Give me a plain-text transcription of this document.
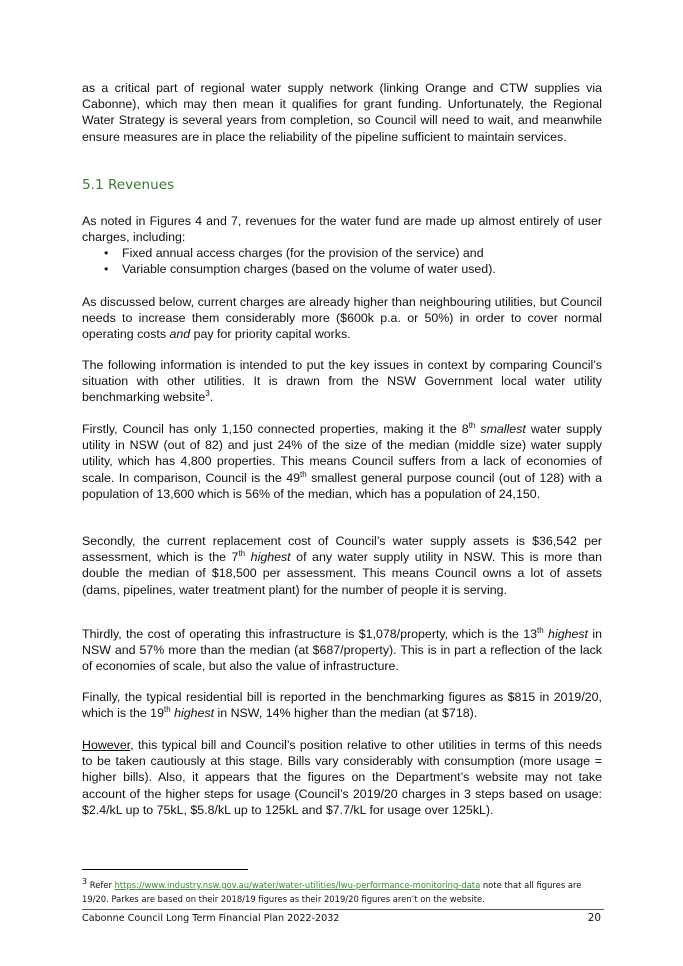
as a critical part of regional water supply network (linking Orange and CTW supplies via Cabonne), which may then mean it qualifies for grant funding. Unfortunately, the Regional Water Strategy is several years from completion, so Council will need to wait, and meanwhile ensure measures are in place the reliability of the pipeline sufficient to maintain services.

5.1 Revenues

As noted in Figures 4 and 7, revenues for the water fund are made up almost entirely of user charges, including:

• Fixed annual access charges (for the provision of the service) and
• Variable consumption charges (based on the volume of water used).

As discussed below, current charges are already higher than neighbouring utilities, but Council needs to increase them considerably more ($600k p.a. or 50%) in order to cover normal operating costs and pay for priority capital works.

The following information is intended to put the key issues in context by comparing Council’s situation with other utilities. It is drawn from the NSW Government local water utility benchmarking website$^3$.

Firstly, Council has only 1,150 connected properties, making it the 8th smallest water supply utility in NSW (out of 82) and just 24% of the size of the median (middle size) water supply utility, which has 4,800 properties. This means Council suffers from a lack of economies of scale. In comparison, Council is the 49th smallest general purpose council (out of 128) with a population of 13,600 which is 56% of the median, which has a population of 24,150.

Secondly, the current replacement cost of Council’s water supply assets is $36,542 per assessment, which is the 7th highest of any water supply utility in NSW. This is more than double the median of $18,500 per assessment. This means Council owns a lot of assets (dams, pipelines, water treatment plant) for the number of people it is serving.

Thirdly, the cost of operating this infrastructure is $1,078/property, which is the 13th highest in NSW and 57% more than the median (at $687/property). This is in part a reflection of the lack of economies of scale, but also the value of infrastructure.

Finally, the typical residential bill is reported in the benchmarking figures as $815 in 2019/20, which is the 19th highest in NSW, 14% higher than the median (at $718).

However, this typical bill and Council’s position relative to other utilities in terms of this needs to be taken cautiously at this stage. Bills vary considerably with consumption (more usage = higher bills). Also, it appears that the figures on the Department’s website may not take account of the higher steps for usage (Council’s 2019/20 charges in 3 steps based on usage: $2.4/kL up to 75kL, $5.8/kL up to 125kL and $7.7/kL for usage over 125kL).

$^3$ Refer https://www.industry.nsw.gov.au/water/water-utilities/lwu-performance-monitoring-data note that all figures are 19/20. Parkes are based on their 2018/19 figures as their 2019/20 figures aren’t on the website.

Cabonne Council Long Term Financial Plan 2022-2032	20
